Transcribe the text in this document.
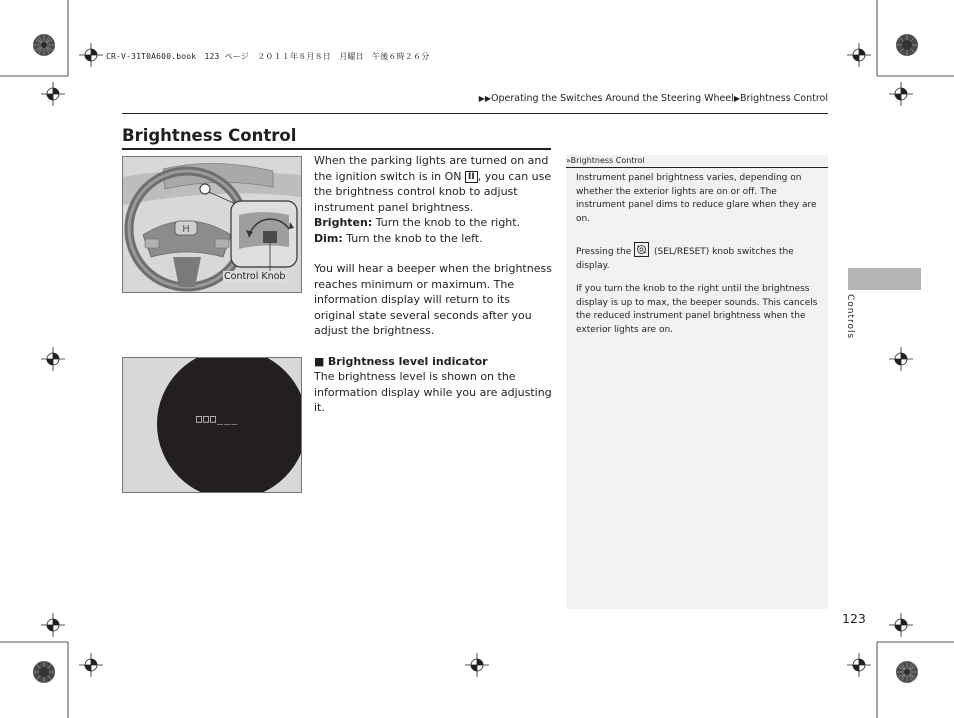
CR-V-31T0A600.book　123 ページ　２０１１年８月８日　月曜日　午後６時２６分
▶▶Operating the Switches Around the Steering Wheel▶Brightness Control
Brightness Control
H
Control Knob
□□□___
When the parking lights are turned on and the ignition switch is in ON II , you can use the brightness control knob to adjust instrument panel brightness.
Brighten: Turn the knob to the right.
Dim: Turn the knob to the left.
You will hear a beeper when the brightness reaches minimum or maximum. The information display will return to its original state several seconds after you adjust the brightness.
■ Brightness level indicator
The brightness level is shown on the information display while you are adjusting it.
»Brightness Control
Instrument panel brightness varies, depending on whether the exterior lights are on or off. The instrument panel dims to reduce glare when they are on.
Pressing the
(SEL/RESET) knob switches the display.
If you turn the knob to the right until the brightness display is up to max, the beeper sounds. This cancels the reduced instrument panel brightness when the exterior lights are on.	Controls
123
